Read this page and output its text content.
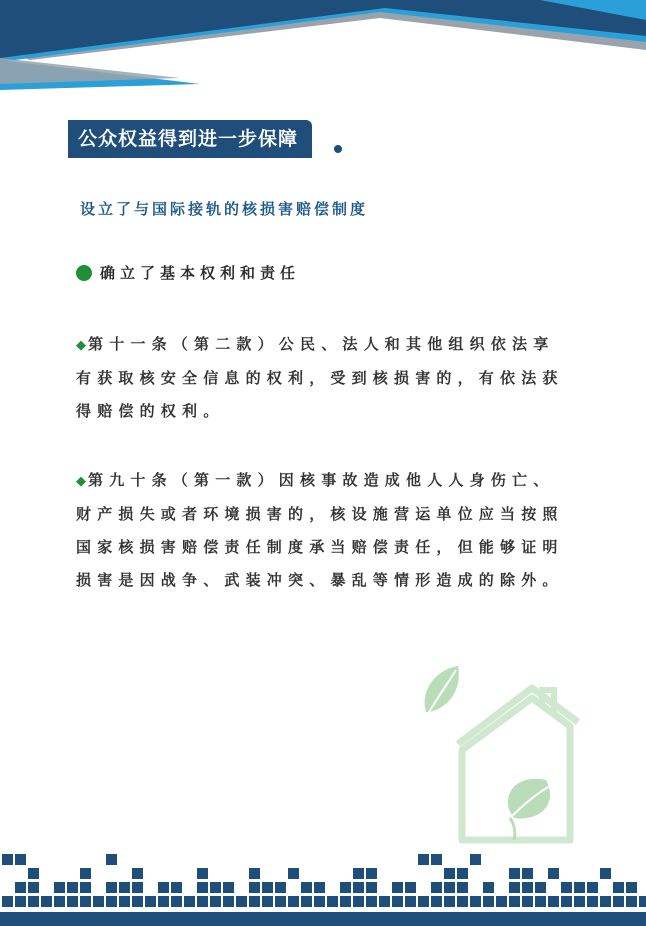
公众权益得到进一步保障
设立了与国际接轨的核损害赔偿制度
确立了基本权利和责任
◆ 第十一条（第二款）公民、法人和其他组织依法享有获取核安全信息的权利，受到核损害的，有依法获得赔偿的权利。
◆ 第九十条（第一款）因核事故造成他人人身伤亡、财产损失或者环境损害的，核设施营运单位应当按照国家核损害赔偿责任制度承当赔偿责任，但能够证明损害是因战争、武装冲突、暴乱等情形造成的除外。
